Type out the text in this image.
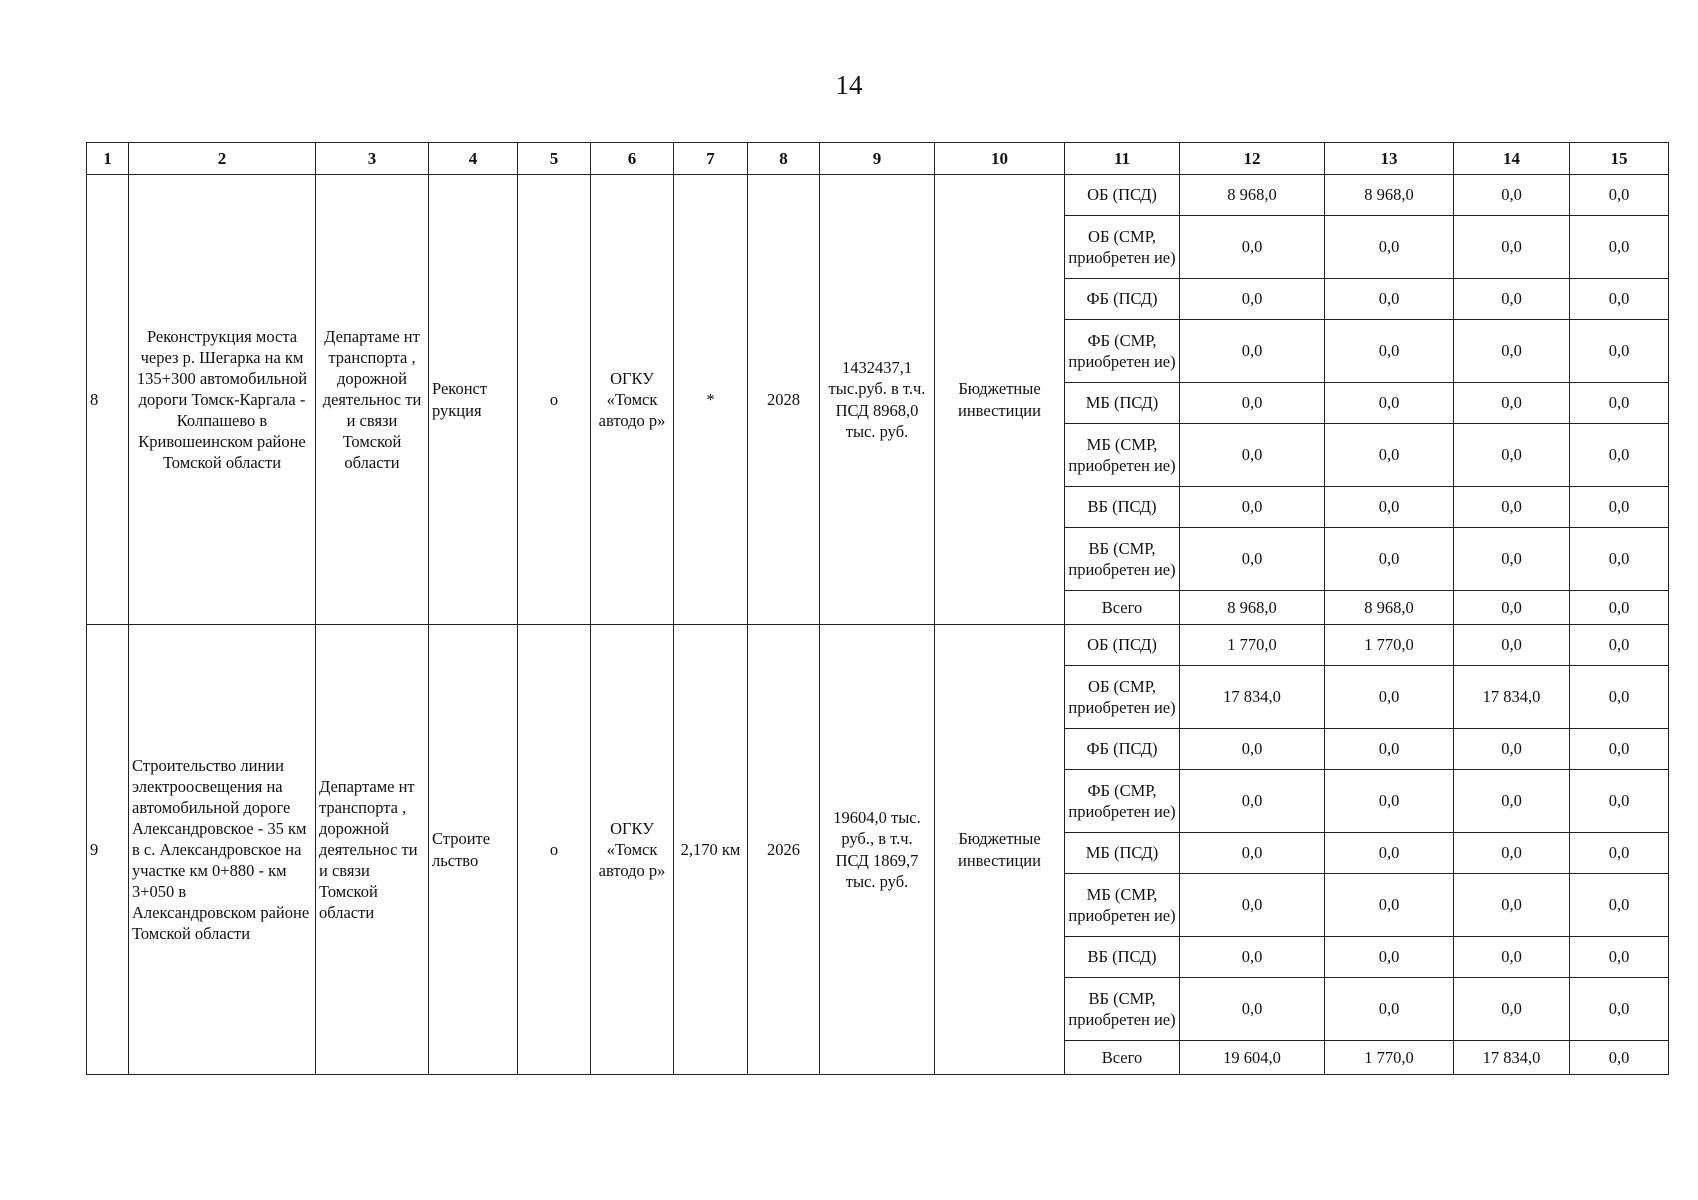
14
1	2	3	4	5	6	7	8	9	10	11	12	13	14	15
8	Реконструкция моста через р. Шегарка на км 135+300 автомобильной дороги Томск-Каргала - Колпашево в Кривошеинском районе Томской области	Департаме нт транспорта , дорожной деятельнос ти и связи Томской области	Реконст рукция	о	ОГКУ «Томск автодо р»	*	2028	1432437,1 тыс.руб. в т.ч. ПСД 8968,0 тыс. руб.	Бюджетные инвестиции	ОБ (ПСД)	8 968,0	8 968,0	0,0	0,0
										ОБ (СМР, приобретен ие)	0,0	0,0	0,0	0,0
										ФБ (ПСД)	0,0	0,0	0,0	0,0
										ФБ (СМР, приобретен ие)	0,0	0,0	0,0	0,0
										МБ (ПСД)	0,0	0,0	0,0	0,0
										МБ (СМР, приобретен ие)	0,0	0,0	0,0	0,0
										ВБ (ПСД)	0,0	0,0	0,0	0,0
										ВБ (СМР, приобретен ие)	0,0	0,0	0,0	0,0
										Всего	8 968,0	8 968,0	0,0	0,0
9	Строительство линии электроосвещения на автомобильной дороге Александровское - 35 км в с. Александровское на участке км 0+880 - км 3+050 в Александровском районе Томской области	Департаме нт транспорта , дорожной деятельнос ти и связи Томской области	Строите льство	о	ОГКУ «Томск автодо р»	2,170 км	2026	19604,0 тыс. руб., в т.ч. ПСД 1869,7 тыс. руб.	Бюджетные инвестиции	ОБ (ПСД)	1 770,0	1 770,0	0,0	0,0
										ОБ (СМР, приобретен ие)	17 834,0	0,0	17 834,0	0,0
										ФБ (ПСД)	0,0	0,0	0,0	0,0
										ФБ (СМР, приобретен ие)	0,0	0,0	0,0	0,0
										МБ (ПСД)	0,0	0,0	0,0	0,0
										МБ (СМР, приобретен ие)	0,0	0,0	0,0	0,0
										ВБ (ПСД)	0,0	0,0	0,0	0,0
										ВБ (СМР, приобретен ие)	0,0	0,0	0,0	0,0
										Всего	19 604,0	1 770,0	17 834,0	0,0
